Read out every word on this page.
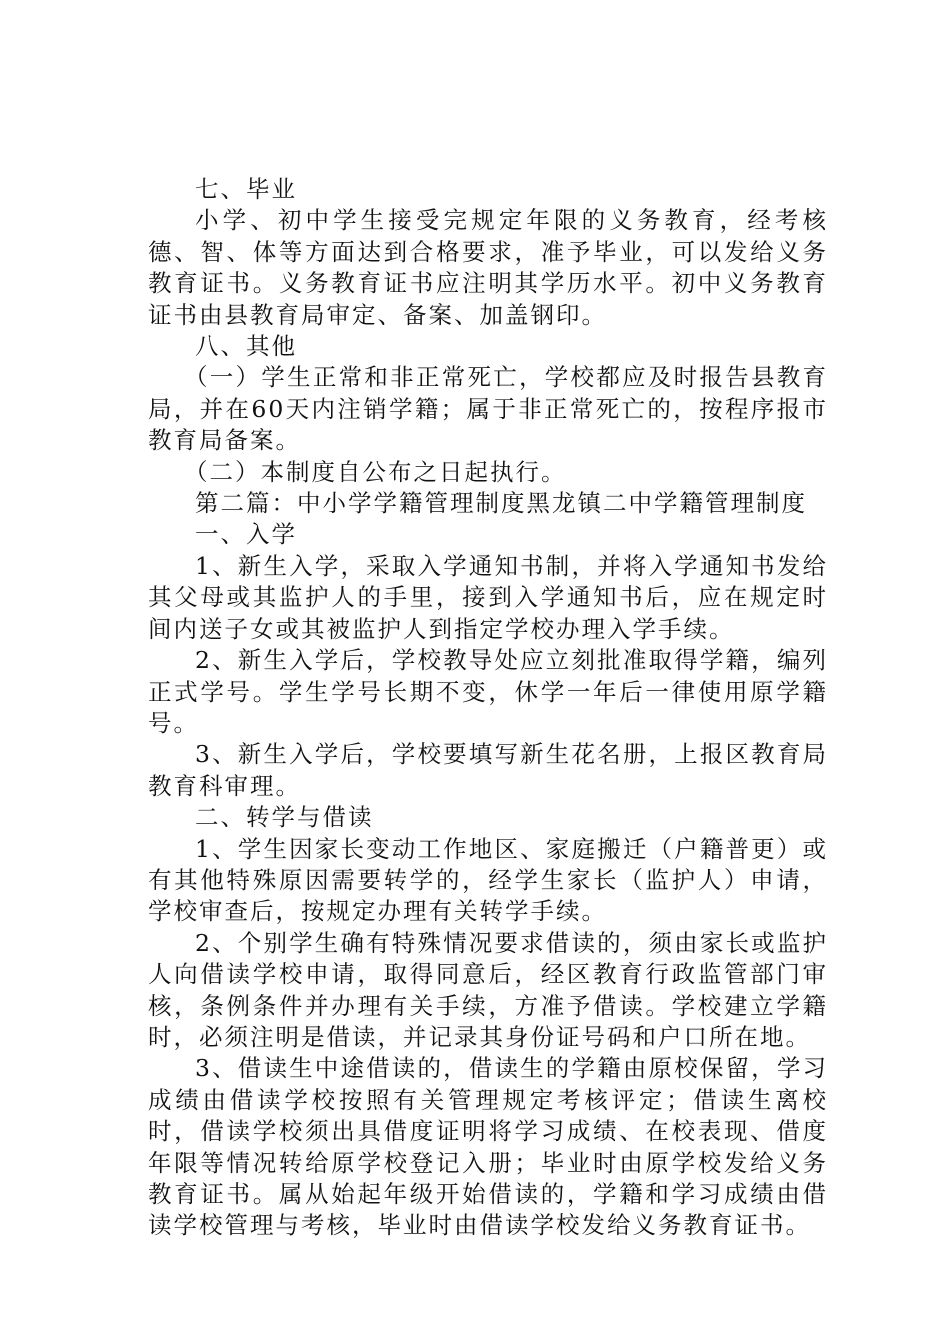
七、毕业

小学、初中学生接受完规定年限的义务教育，经考核德、智、体等方面达到合格要求，准予毕业，可以发给义务教育证书。义务教育证书应注明其学历水平。初中义务教育证书由县教育局审定、备案、加盖钢印。

八、其他

（一）学生正常和非正常死亡，学校都应及时报告县教育局，并在60天内注销学籍；属于非正常死亡的，按程序报市教育局备案。

（二）本制度自公布之日起执行。

第二篇：中小学学籍管理制度黑龙镇二中学籍管理制度

一、入学

1、新生入学，采取入学通知书制，并将入学通知书发给其父母或其监护人的手里，接到入学通知书后，应在规定时间内送子女或其被监护人到指定学校办理入学手续。

2、新生入学后，学校教导处应立刻批准取得学籍，编列正式学号。学生学号长期不变，休学一年后一律使用原学籍号。

3、新生入学后，学校要填写新生花名册，上报区教育局教育科审理。

二、转学与借读

1、学生因家长变动工作地区、家庭搬迁（户籍普更）或有其他特殊原因需要转学的，经学生家长（监护人）申请，学校审查后，按规定办理有关转学手续。

2、个别学生确有特殊情况要求借读的，须由家长或监护人向借读学校申请，取得同意后，经区教育行政监管部门审核，条例条件并办理有关手续，方准予借读。学校建立学籍时，必须注明是借读，并记录其身份证号码和户口所在地。

3、借读生中途借读的，借读生的学籍由原校保留，学习成绩由借读学校按照有关管理规定考核评定；借读生离校时，借读学校须出具借度证明将学习成绩、在校表现、借度年限等情况转给原学校登记入册；毕业时由原学校发给义务教育证书。属从始起年级开始借读的，学籍和学习成绩由借读学校管理与考核，毕业时由借读学校发给义务教育证书。
